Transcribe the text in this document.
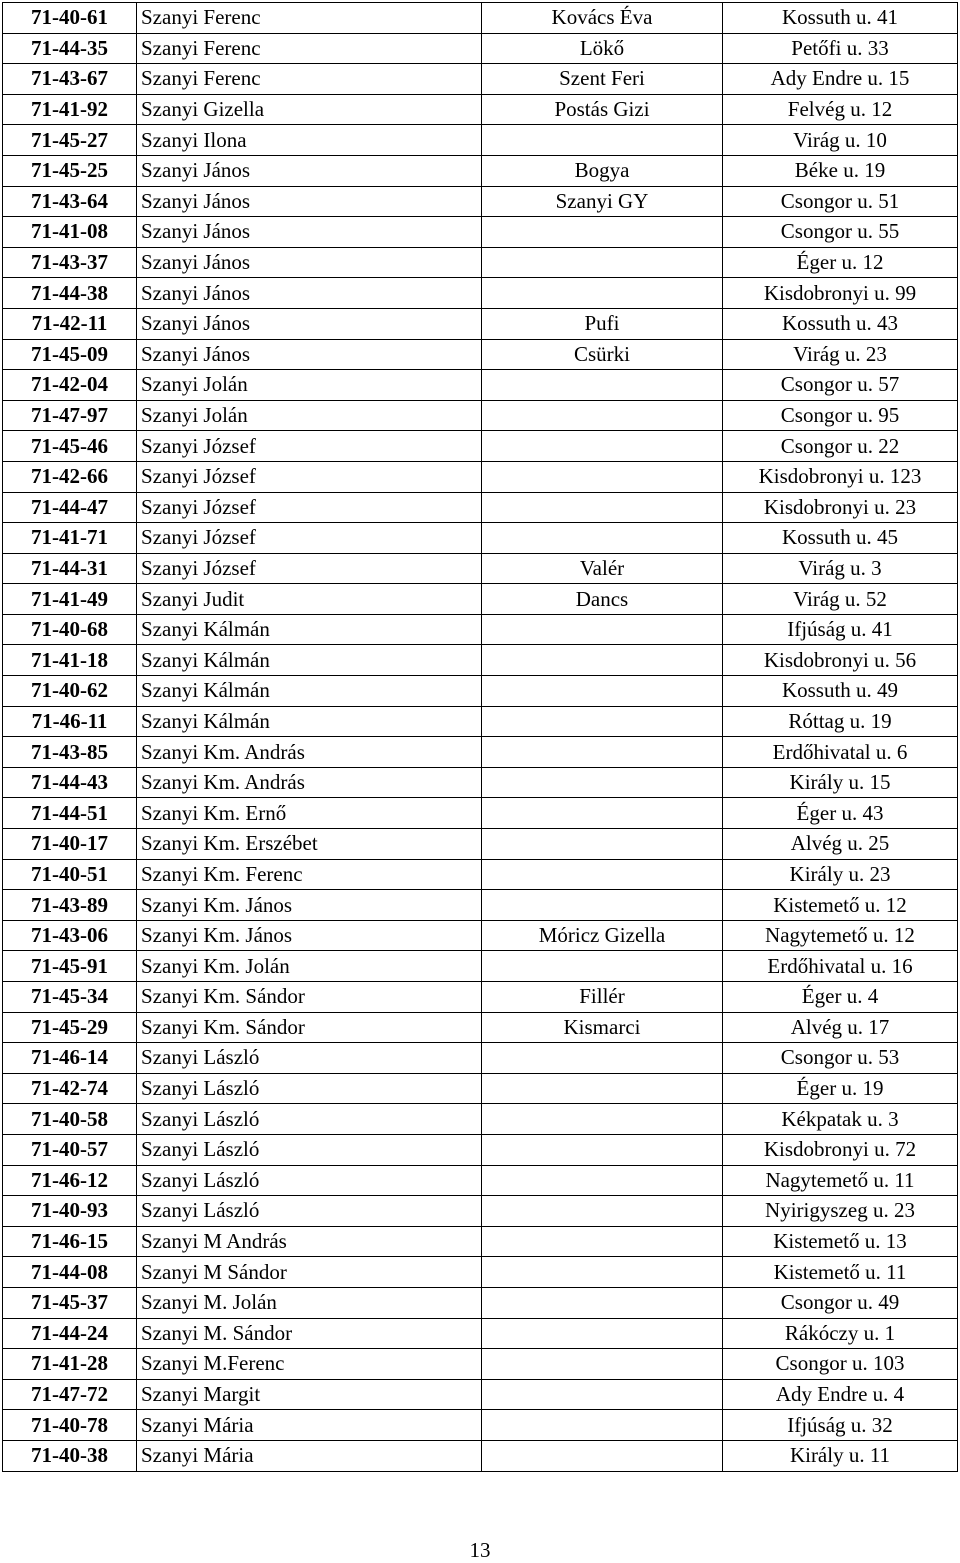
71-40-61	Szanyi Ferenc	Kovács Éva	Kossuth u. 41
71-44-35	Szanyi Ferenc	Lökő	Petőfi u. 33
71-43-67	Szanyi Ferenc	Szent Feri	Ady Endre u. 15
71-41-92	Szanyi Gizella	Postás Gizi	Felvég u. 12
71-45-27	Szanyi Ilona		Virág u. 10
71-45-25	Szanyi János	Bogya	Béke u. 19
71-43-64	Szanyi János	Szanyi GY	Csongor u. 51
71-41-08	Szanyi János		Csongor u. 55
71-43-37	Szanyi János		Éger u. 12
71-44-38	Szanyi János		Kisdobronyi u. 99
71-42-11	Szanyi János	Pufi	Kossuth u. 43
71-45-09	Szanyi János	Csürki	Virág u. 23
71-42-04	Szanyi Jolán		Csongor u. 57
71-47-97	Szanyi Jolán		Csongor u. 95
71-45-46	Szanyi József		Csongor u. 22
71-42-66	Szanyi József		Kisdobronyi u. 123
71-44-47	Szanyi József		Kisdobronyi u. 23
71-41-71	Szanyi József		Kossuth u. 45
71-44-31	Szanyi József	Valér	Virág u. 3
71-41-49	Szanyi Judit	Dancs	Virág u. 52
71-40-68	Szanyi Kálmán		Ifjúság u. 41
71-41-18	Szanyi Kálmán		Kisdobronyi u. 56
71-40-62	Szanyi Kálmán		Kossuth u. 49
71-46-11	Szanyi Kálmán		Róttag u. 19
71-43-85	Szanyi Km. András		Erdőhivatal u. 6
71-44-43	Szanyi Km. András		Király u. 15
71-44-51	Szanyi Km. Ernő		Éger u. 43
71-40-17	Szanyi Km. Erszébet		Alvég u. 25
71-40-51	Szanyi Km. Ferenc		Király u. 23
71-43-89	Szanyi Km. János		Kistemető u. 12
71-43-06	Szanyi Km. János	Móricz Gizella	Nagytemető u. 12
71-45-91	Szanyi Km. Jolán		Erdőhivatal u. 16
71-45-34	Szanyi Km. Sándor	Fillér	Éger u. 4
71-45-29	Szanyi Km. Sándor	Kismarci	Alvég u. 17
71-46-14	Szanyi László		Csongor u. 53
71-42-74	Szanyi László		Éger u. 19
71-40-58	Szanyi László		Kékpatak u. 3
71-40-57	Szanyi László		Kisdobronyi u. 72
71-46-12	Szanyi László		Nagytemető u. 11
71-40-93	Szanyi László		Nyirigyszeg u. 23
71-46-15	Szanyi M András		Kistemető u. 13
71-44-08	Szanyi M Sándor		Kistemető u. 11
71-45-37	Szanyi M. Jolán		Csongor u. 49
71-44-24	Szanyi M. Sándor		Rákóczy u. 1
71-41-28	Szanyi M.Ferenc		Csongor u. 103
71-47-72	Szanyi Margit		Ady Endre u. 4
71-40-78	Szanyi Mária		Ifjúság u. 32
71-40-38	Szanyi Mária		Király u. 11
13
